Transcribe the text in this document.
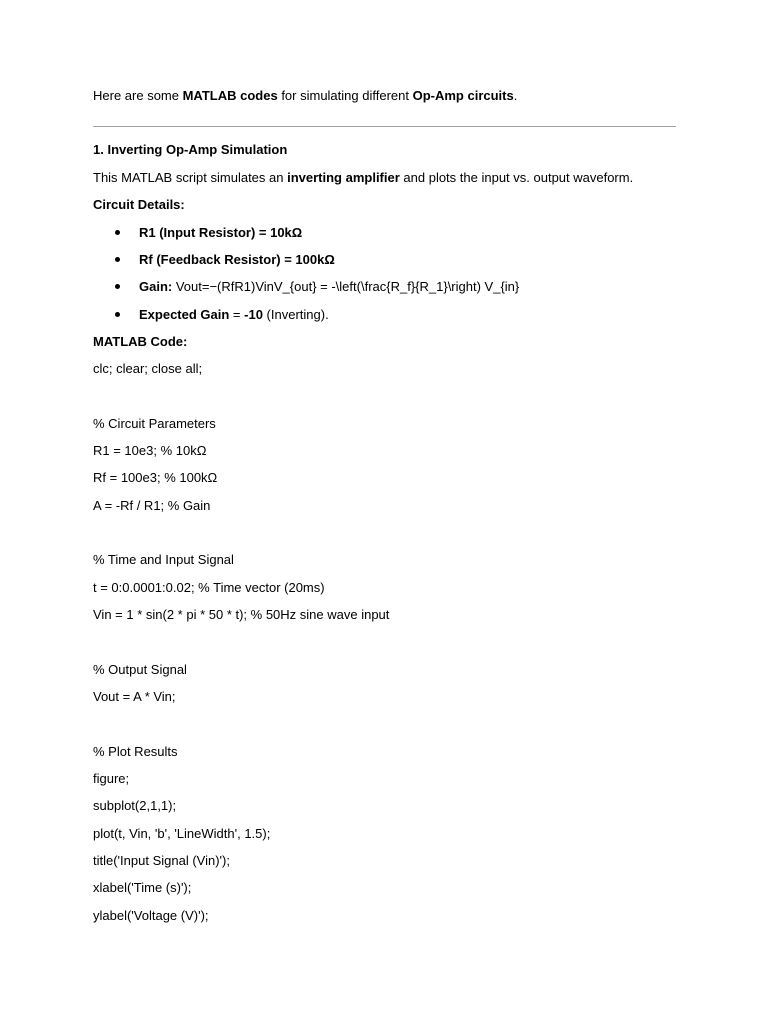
Here are some MATLAB codes for simulating different Op-Amp circuits.
1. Inverting Op-Amp Simulation
This MATLAB script simulates an inverting amplifier and plots the input vs. output waveform.
Circuit Details:
R1 (Input Resistor) = 10kΩ
Rf (Feedback Resistor) = 100kΩ
Gain: Vout=−(RfR1)VinV_{out} = -\left(\frac{R_f}{R_1}\right) V_{in}
Expected Gain = -10 (Inverting).
MATLAB Code:
clc; clear; close all;
% Circuit Parameters
R1 = 10e3; % 10kΩ
Rf = 100e3; % 100kΩ
A = -Rf / R1; % Gain
% Time and Input Signal
t = 0:0.0001:0.02; % Time vector (20ms)
Vin = 1 * sin(2 * pi * 50 * t); % 50Hz sine wave input
% Output Signal
Vout = A * Vin;
% Plot Results
figure;
subplot(2,1,1);
plot(t, Vin, 'b', 'LineWidth', 1.5);
title('Input Signal (Vin)');
xlabel('Time (s)');
ylabel('Voltage (V)');
